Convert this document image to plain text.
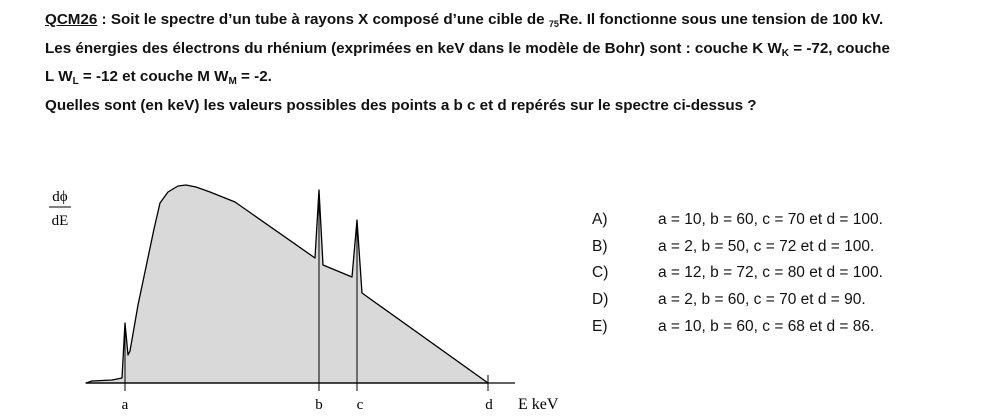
QCM26 : Soit le spectre d’un tube à rayons X composé d’une cible de 75Re. Il fonctionne sous une tension de 100 kV.

Les énergies des électrons du rhénium (exprimées en keV dans le modèle de Bohr) sont : couche K $W_K = -72$, couche

L $W_L = -12$ et couche M $W_M = -2$.

Quelles sont (en keV) les valeurs possibles des points a b c et d repérés sur le spectre ci-dessus ?

dϕ
dE
a	b c	d E keV
A)	a = 10, b = 60, c = 70 et d = 100.
B)	a = 2, b = 50, c = 72 et d = 100.
C)	a = 12, b = 72, c = 80 et d = 100.
D)	a = 2, b = 60, c = 70 et d = 90.
E)	a = 10, b = 60, c = 68 et d = 86.
